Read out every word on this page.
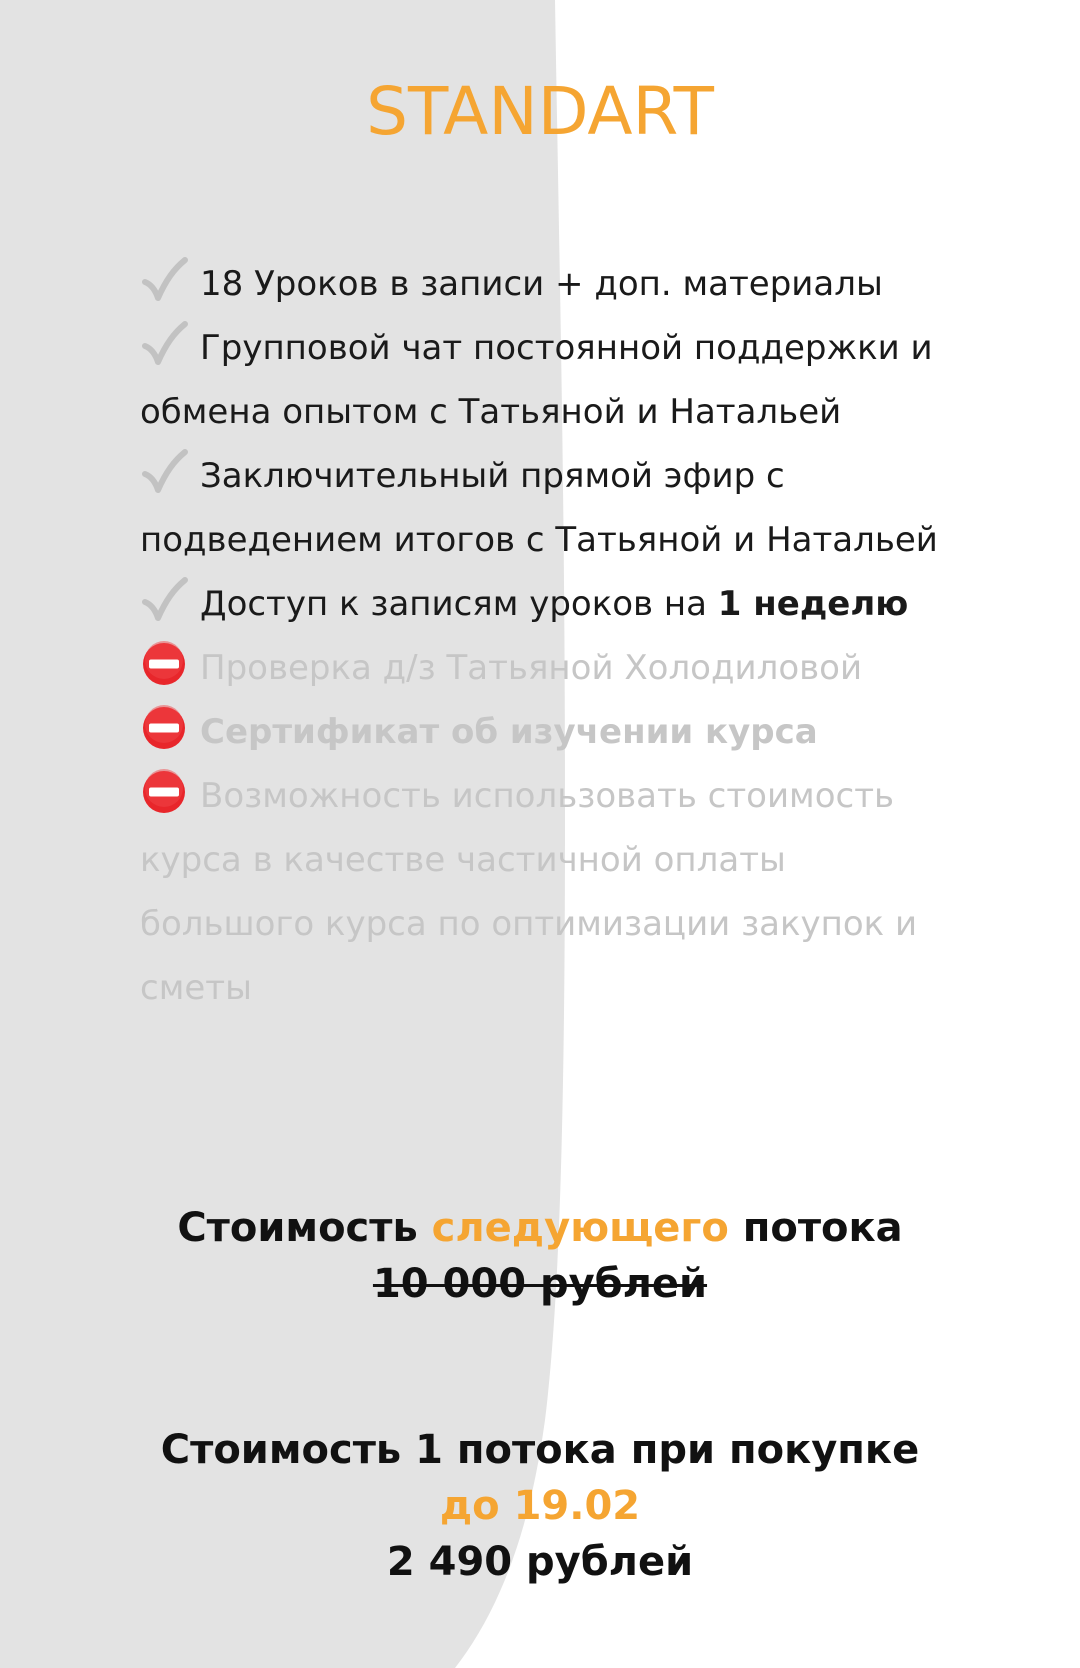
STANDART

18 Уроков в записи + доп. материалы

Групповой чат постоянной поддержки и обмена опытом с Татьяной и Натальей

Заключительный прямой эфир с подведением итогов с Татьяной и Натальей

Доступ к записям уроков на 1 неделю

Проверка д/з Татьяной Холодиловой

Сертификат об изучении курса

Возможность использовать стоимость курса в качестве частичной оплаты большого курса по оптимизации закупок и сметы

Стоимость следующего потока
10 000 рублей
Стоимость 1 потока при покупке до 19.02
2 490 рублей
